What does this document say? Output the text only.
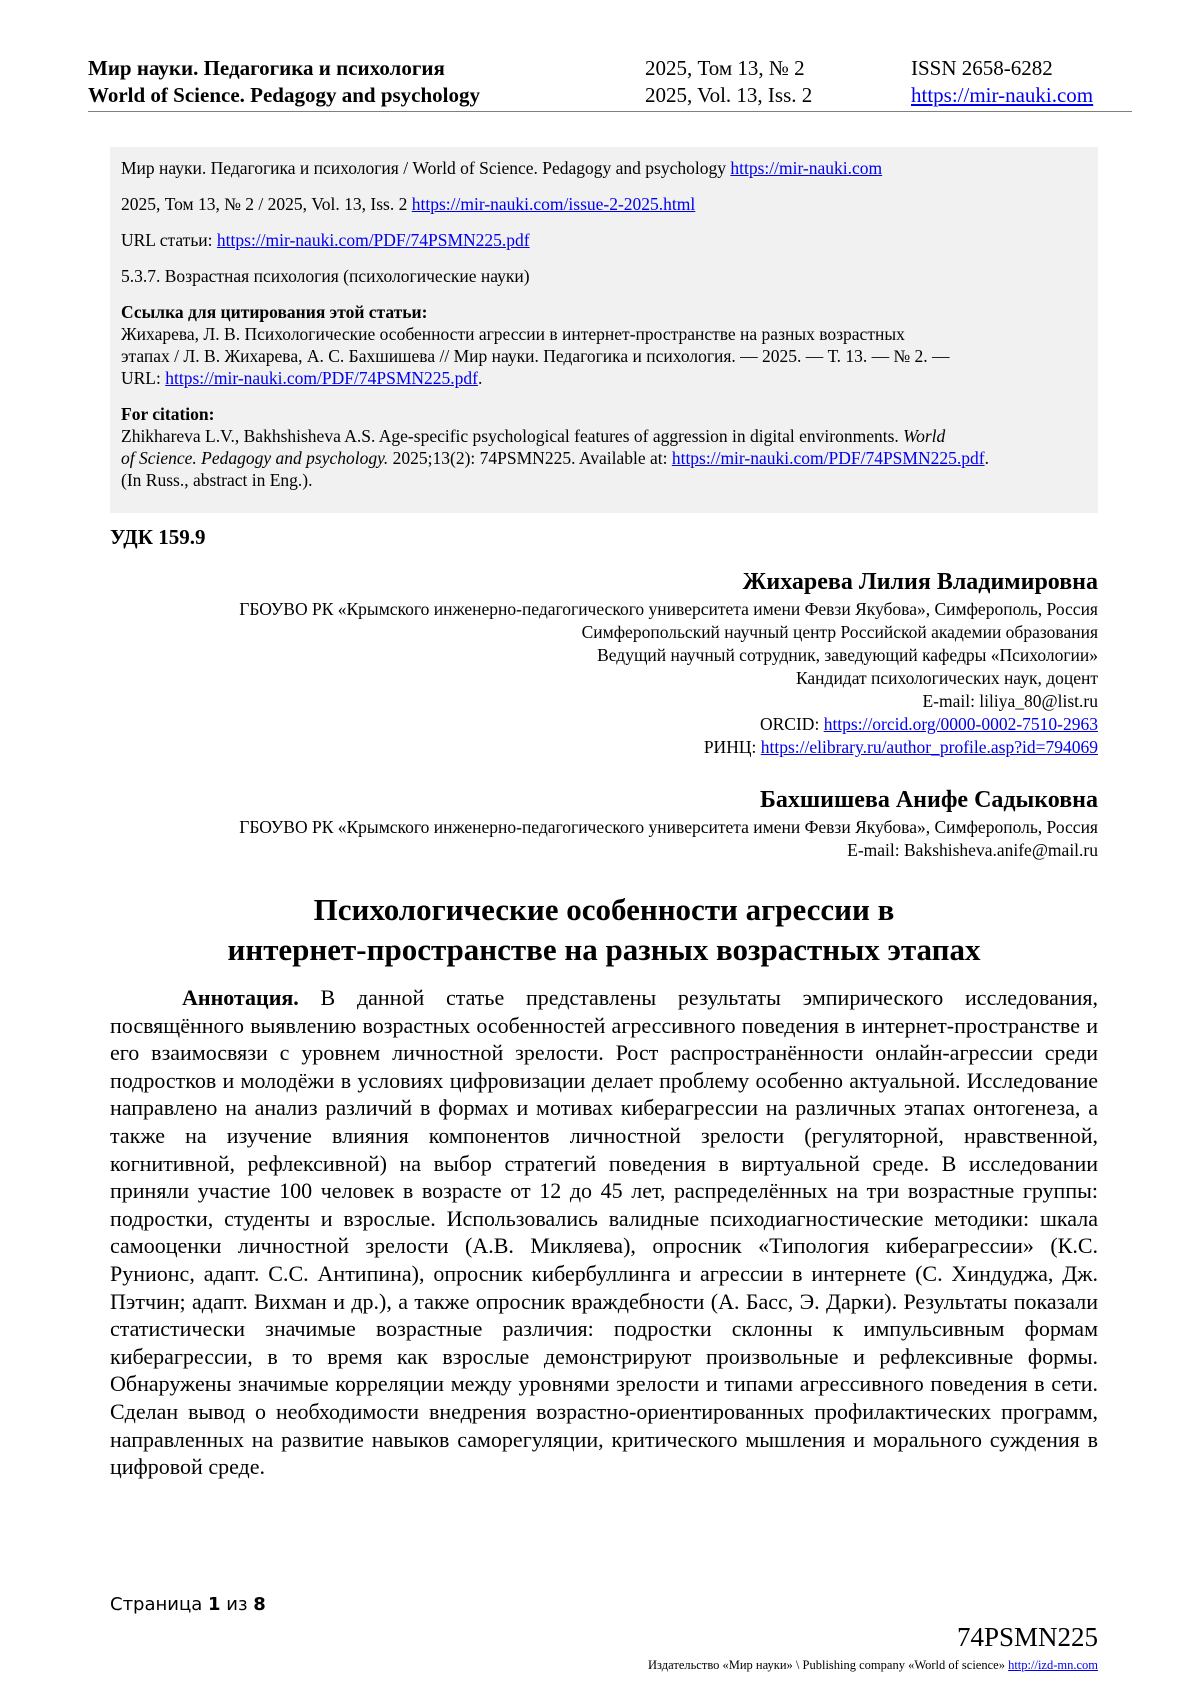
Мир науки. Педагогика и психология
World of Science. Pedagogy and psychology
2025, Том 13, № 2
2025, Vol. 13, Iss. 2
ISSN 2658-6282
https://mir-nauki.com

Мир науки. Педагогика и психология / World of Science. Pedagogy and psychology https://mir-nauki.com

2025, Том 13, № 2 / 2025, Vol. 13, Iss. 2 https://mir-nauki.com/issue-2-2025.html

URL статьи: https://mir-nauki.com/PDF/74PSMN225.pdf

5.3.7. Возрастная психология (психологические науки)

Ссылка для цитирования этой статьи:

Жихарева, Л. В. Психологические особенности агрессии в интернет-пространстве на разных возрастных

этапах / Л. В. Жихарева, А. С. Бахшишева // Мир науки. Педагогика и психология. — 2025. — Т. 13. — № 2. —

URL: https://mir-nauki.com/PDF/74PSMN225.pdf.

For citation:

Zhikhareva L.V., Bakhshisheva A.S. Age-specific psychological features of aggression in digital environments. World
of Science. Pedagogy and psychology. 2025;13(2): 74PSMN225. Available at: https://mir-nauki.com/PDF/74PSMN225.pdf.

(In Russ., abstract in Eng.).

УДК 159.9
Жихарева Лилия Владимировна
ГБОУВО РК «Крымского инженерно-педагогического университета имени Февзи Якубова», Симферополь, Россия
Симферопольский научный центр Российской академии образования
Ведущий научный сотрудник, заведующий кафедры «Психологии»
Кандидат психологических наук, доцент
E-mail: liliya_80@list.ru
ORCID: https://orcid.org/0000-0002-7510-2963
РИНЦ: https://elibrary.ru/author_profile.asp?id=794069
Бахшишева Анифе Садыковна
ГБОУВО РК «Крымского инженерно-педагогического университета имени Февзи Якубова», Симферополь, Россия
E-mail: Bakshisheva.anife@mail.ru
Психологические особенности агрессии в
интернет-пространстве на разных возрастных этапах

Аннотация. В данной статье представлены результаты эмпирического исследования, посвящённого выявлению возрастных особенностей агрессивного поведения в интернет-пространстве и его взаимосвязи с уровнем личностной зрелости. Рост распространённости онлайн-агрессии среди подростков и молодёжи в условиях цифровизации делает проблему особенно актуальной. Исследование направлено на анализ различий в формах и мотивах киберагрессии на различных этапах онтогенеза, а также на изучение влияния компонентов личностной зрелости (регуляторной, нравственной, когнитивной, рефлексивной) на выбор стратегий поведения в виртуальной среде. В исследовании приняли участие 100 человек в возрасте от 12 до 45 лет, распределённых на три возрастные группы: подростки, студенты и взрослые. Использовались валидные психодиагностические методики: шкала самооценки личностной зрелости (А.В. Микляева), опросник «Типология киберагрессии» (К.С. Руниoнс, адапт. С.С. Антипина), опросник кибербуллинга и агрессии в интернете (С. Хиндуджа, Дж. Пэтчин; адапт. Вихман и др.), а также опросник враждебности (А. Басс, Э. Дарки). Результаты показали статистически значимые возрастные различия: подростки склонны к импульсивным формам киберагрессии, в то время как взрослые демонстрируют произвольные и рефлексивные формы. Обнаружены значимые корреляции между уровнями зрелости и типами агрессивного поведения в сети. Сделан вывод о необходимости внедрения возрастно-ориентированных профилактических программ, направленных на развитие навыков саморегуляции, критического мышления и морального суждения в цифровой среде.

Страница 1 из 8
74PSMN225
Издательство «Мир науки» \ Publishing company «World of science» http://izd-mn.com
